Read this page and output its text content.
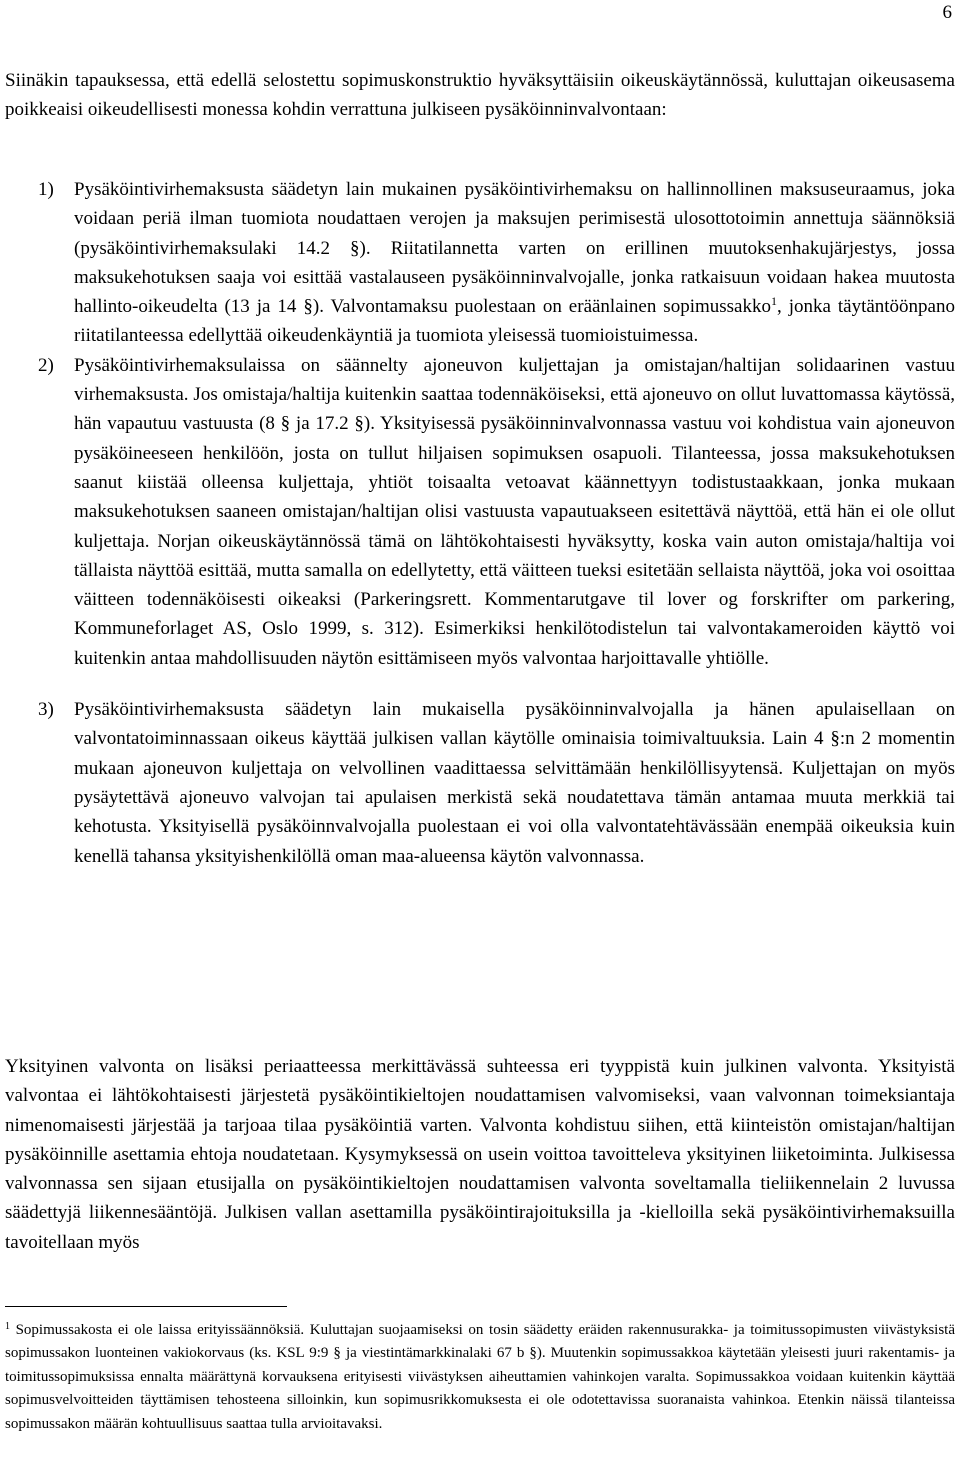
6

Siinäkin tapauksessa, että edellä selostettu sopimuskonstruktio hyväksyttäisiin oikeuskäytännössä, kuluttajan oikeusasema poikkeaisi oikeudellisesti monessa kohdin verrattuna julkiseen pysäköinninvalvontaan:

1) Pysäköintivirhemaksusta säädetyn lain mukainen pysäköintivirhemaksu on hallinnollinen maksuseuraamus, joka voidaan periä ilman tuomiota noudattaen verojen ja maksujen perimisestä ulosottotoimin annettuja säännöksiä (pysäköintivirhemaksulaki 14.2 §). Riitatilannetta varten on erillinen muutoksenhakujärjestys, jossa maksukehotuksen saaja voi esittää vastalauseen pysäköinninvalvojalle, jonka ratkaisuun voidaan hakea muutosta hallinto-oikeudelta (13 ja 14 §). Valvontamaksu puolestaan on eräänlainen sopimussakko$^1$, jonka täytäntöönpano riitatilanteessa edellyttää oikeudenkäyntiä ja tuomiota yleisessä tuomioistuimessa.
2) Pysäköintivirhemaksulaissa on säännelty ajoneuvon kuljettajan ja omistajan/haltijan solidaarinen vastuu virhemaksusta. Jos omistaja/haltija kuitenkin saattaa todennäköiseksi, että ajoneuvo on ollut luvattomassa käytössä, hän vapautuu vastuusta (8 § ja 17.2 §). Yksityisessä pysäköinninvalvonnassa vastuu voi kohdistua vain ajoneuvon pysäköineeseen henkilöön, josta on tullut hiljaisen sopimuksen osapuoli. Tilanteessa, jossa maksukehotuksen saanut kiistää olleensa kuljettaja, yhtiöt toisaalta vetoavat käännettyyn todistustaakkaan, jonka mukaan maksukehotuksen saaneen omistajan/haltijan olisi vastuusta vapautuakseen esitettävä näyttöä, että hän ei ole ollut kuljettaja. Norjan oikeuskäytännössä tämä on lähtökohtaisesti hyväksytty, koska vain auton omistaja/haltija voi tällaista näyttöä esittää, mutta samalla on edellytetty, että väitteen tueksi esitetään sellaista näyttöä, joka voi osoittaa väitteen todennäköisesti oikeaksi (Parkeringsrett. Kommentarutgave til lover og forskrifter om parkering, Kommuneforlaget AS, Oslo 1999, s. 312). Esimerkiksi henkilötodistelun tai valvontakameroiden käyttö voi kuitenkin antaa mahdollisuuden näytön esittämiseen myös valvontaa harjoittavalle yhtiölle.
3) Pysäköintivirhemaksusta säädetyn lain mukaisella pysäköinninvalvojalla ja hänen apulaisellaan on valvontatoiminnassaan oikeus käyttää julkisen vallan käytölle ominaisia toimivaltuuksia. Lain 4 §:n 2 momentin mukaan ajoneuvon kuljettaja on velvollinen vaadittaessa selvittämään henkilöllisyytensä. Kuljettajan on myös pysäytettävä ajoneuvo valvojan tai apulaisen merkistä sekä noudatettava tämän antamaa muuta merkkiä tai kehotusta. Yksityisellä pysäköinnvalvojalla puolestaan ei voi olla valvontatehtävässään enempää oikeuksia kuin kenellä tahansa yksityishenkilöllä oman maa-alueensa käytön valvonnassa.

Yksityinen valvonta on lisäksi periaatteessa merkittävässä suhteessa eri tyyppistä kuin julkinen valvonta. Yksityistä valvontaa ei lähtökohtaisesti järjestetä pysäköintikieltojen noudattamisen valvomiseksi, vaan valvonnan toimeksiantaja nimenomaisesti järjestää ja tarjoaa tilaa pysäköintiä varten. Valvonta kohdistuu siihen, että kiinteistön omistajan/haltijan pysäköinnille asettamia ehtoja noudatetaan. Kysymyksessä on usein voittoa tavoitteleva yksityinen liiketoiminta. Julkisessa valvonnassa sen sijaan etusijalla on pysäköintikieltojen noudattamisen valvonta soveltamalla tieliikennelain 2 luvussa säädettyjä liikennesääntöjä. Julkisen vallan asettamilla pysäköintirajoituksilla ja -kielloilla sekä pysäköintivirhemaksuilla tavoitellaan myös

$^1$ Sopimussakosta ei ole laissa erityissäännöksiä. Kuluttajan suojaamiseksi on tosin säädetty eräiden rakennusurakka- ja toimitussopimusten viivästyksistä sopimussakon luonteinen vakiokorvaus (ks. KSL 9:9 § ja viestintämarkkinalaki 67 b §). Muutenkin sopimussakkoa käytetään yleisesti juuri rakentamis- ja toimitussopimuksissa ennalta määrättynä korvauksena erityisesti viivästyksen aiheuttamien vahinkojen varalta. Sopimussakkoa voidaan kuitenkin käyttää sopimusvelvoitteiden täyttämisen tehosteena silloinkin, kun sopimusrikkomuksesta ei ole odotettavissa suoranaista vahinkoa. Etenkin näissä tilanteissa sopimussakon määrän kohtuullisuus saattaa tulla arvioitavaksi.
